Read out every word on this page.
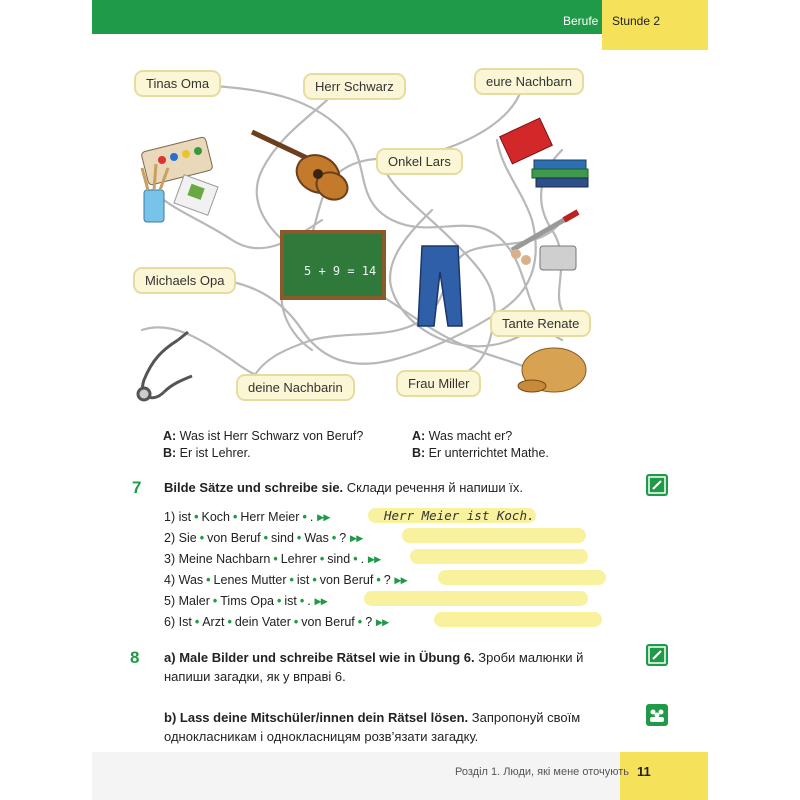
Berufe Stunde 2
5 + 9 = 14
Tinas Oma	Herr Schwarz	eure Nachbarn
Onkel Lars
Michaels Opa
Tante Renate
deine Nachbarin	Frau Miller
A: Was ist Herr Schwarz von Beruf?
B: Er ist Lehrer.
A: Was macht er?
B: Er unterrichtet Mathe.
7 Bilde Sätze und schreibe sie. Склади речення й напиши їх.
Herr Meier ist Koch.
1) ist • Koch • Herr Meier • . ▸▸
2) Sie • von Beruf • sind • Was • ? ▸▸
3) Meine Nachbarn • Lehrer • sind • . ▸▸
4) Was • Lenes Mutter • ist • von Beruf • ? ▸▸
5) Maler • Tims Opa • ist • . ▸▸
6) Ist • Arzt • dein Vater • von Beruf • ? ▸▸
8 a) Male Bilder und schreibe Rätsel wie in Übung 6. Зроби малюнки й напиши загадки, як у вправі 6.
b) Lass deine Mitschüler/innen dein Rätsel lösen. Запропонуй своїм однокласникам і однокласницям розв’язати загадку.
Розділ 1. Люди, які мене оточують 11
